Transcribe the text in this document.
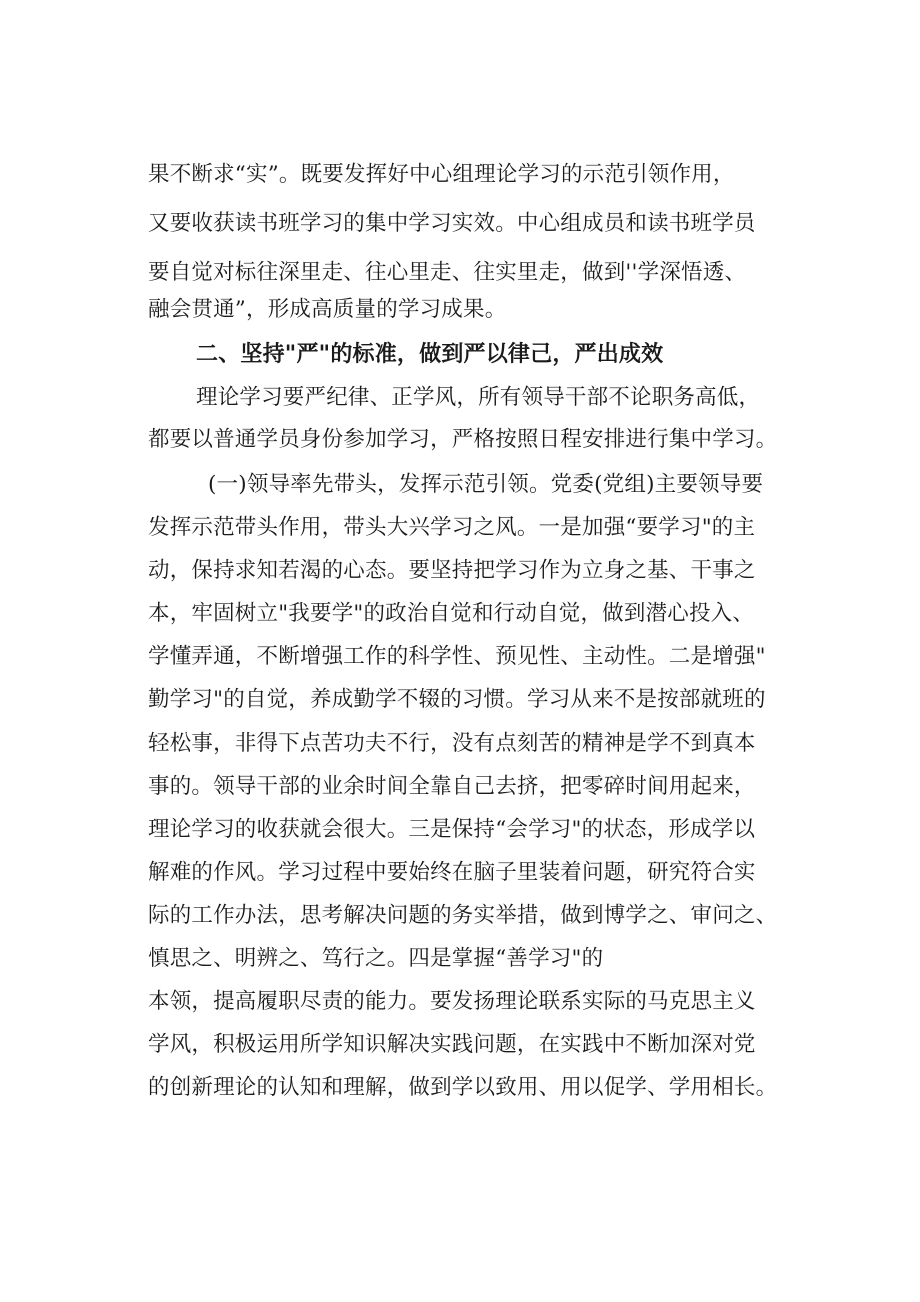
果不断求“实”。既要发挥好中心组理论学习的示范引领作用，
又要收获读书班学习的集中学习实效。中心组成员和读书班学员
要自觉对标往深里走、往心里走、往实里走，做到''学深悟透、
融会贯通”，形成高质量的学习成果。
二、坚持"严"的标准，做到严以律己，严出成效
理论学习要严纪律、正学风，所有领导干部不论职务高低，
都要以普通学员身份参加学习，严格按照日程安排进行集中学习。
(一)领导率先带头，发挥示范引领。党委(党组)主要领导要
发挥示范带头作用，带头大兴学习之风。一是加强“要学习"的主
动，保持求知若渴的心态。要坚持把学习作为立身之基、干事之
本，牢固树立"我要学"的政治自觉和行动自觉，做到潜心投入、
学懂弄通，不断增强工作的科学性、预见性、主动性。二是增强"
勤学习"的自觉，养成勤学不辍的习惯。学习从来不是按部就班的
轻松事，非得下点苦功夫不行，没有点刻苦的精神是学不到真本
事的。领导干部的业余时间全靠自己去挤，把零碎时间用起来，
理论学习的收获就会很大。三是保持“会学习"的状态，形成学以
解难的作风。学习过程中要始终在脑子里装着问题，研究符合实
际的工作办法，思考解决问题的务实举措，做到博学之、审问之、
慎思之、明辨之、笃行之。四是掌握“善学习"的
本领，提高履职尽责的能力。要发扬理论联系实际的马克思主义
学风，积极运用所学知识解决实践问题，在实践中不断加深对党
的创新理论的认知和理解，做到学以致用、用以促学、学用相长。
